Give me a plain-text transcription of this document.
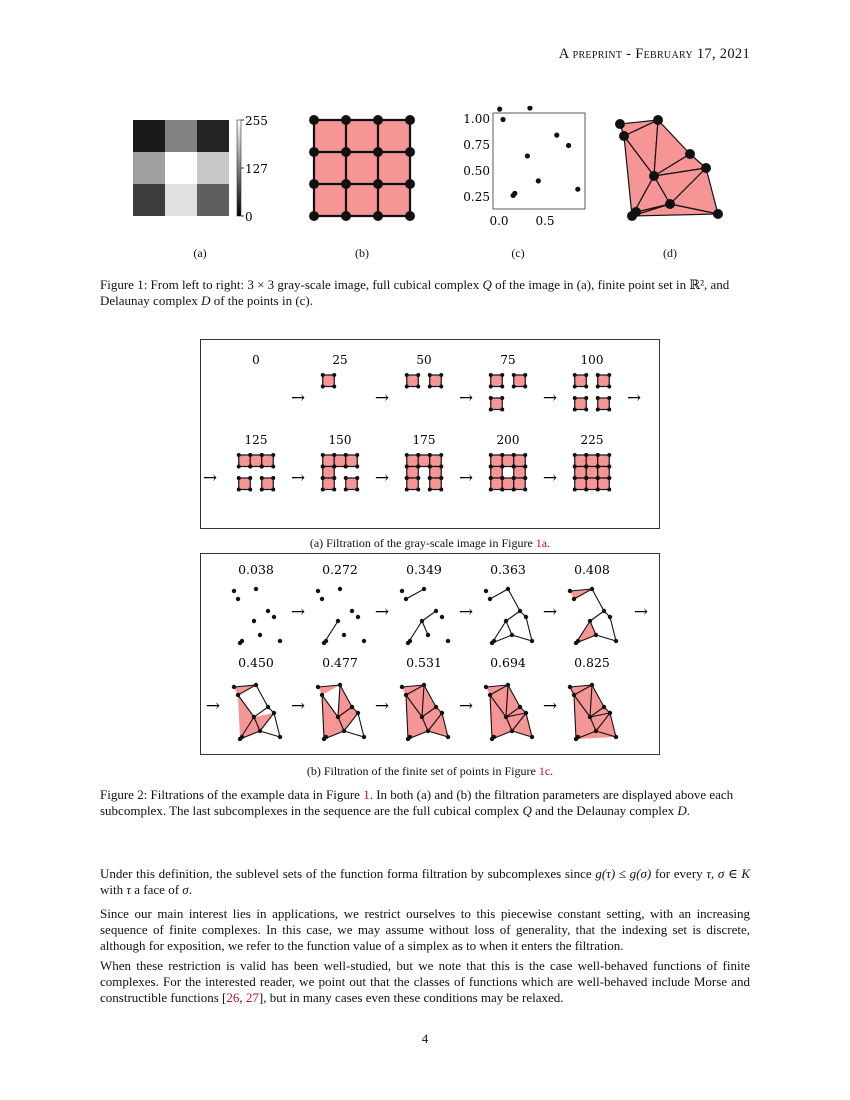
A preprint - February 17, 2021
255
127
0
1.00
0.75
0.50
0.25
0.0 0.5
(a)	(b)	(c)	(d)
Figure 1: From left to right: 3 × 3 gray-scale image, full cubical complex Q of the image in (a), finite point set in ℝ², and Delaunay complex D of the points in (c).
0	25	50	75	100
125	150	175	200	225
→	→	→	→	→
→	→	→	→	→
(a) Filtration of the gray-scale image in Figure 1a.
0.038	0.272	0.349	0.363	0.408
0.450	0.477	0.531	0.694	0.825
→	→	→	→	→
→	→	→	→	→
(b) Filtration of the finite set of points in Figure 1c.
Figure 2: Filtrations of the example data in Figure 1. In both (a) and (b) the filtration parameters are displayed above each subcomplex. The last subcomplexes in the sequence are the full cubical complex Q and the Delaunay complex D.
Under this definition, the sublevel sets of the function forma filtration by subcomplexes since g(τ) ≤ g(σ) for every τ, σ ∈ K with τ a face of σ.
Since our main interest lies in applications, we restrict ourselves to this piecewise constant setting, with an increasing sequence of finite complexes. In this case, we may assume without loss of generality, that the indexing set is discrete, although for exposition, we refer to the function value of a simplex as to when it enters the filtration.
When these restriction is valid has been well-studied, but we note that this is the case well-behaved functions of finite complexes. For the interested reader, we point out that the classes of functions which are well-behaved include Morse and constructible functions [26, 27], but in many cases even these conditions may be relaxed.
4
